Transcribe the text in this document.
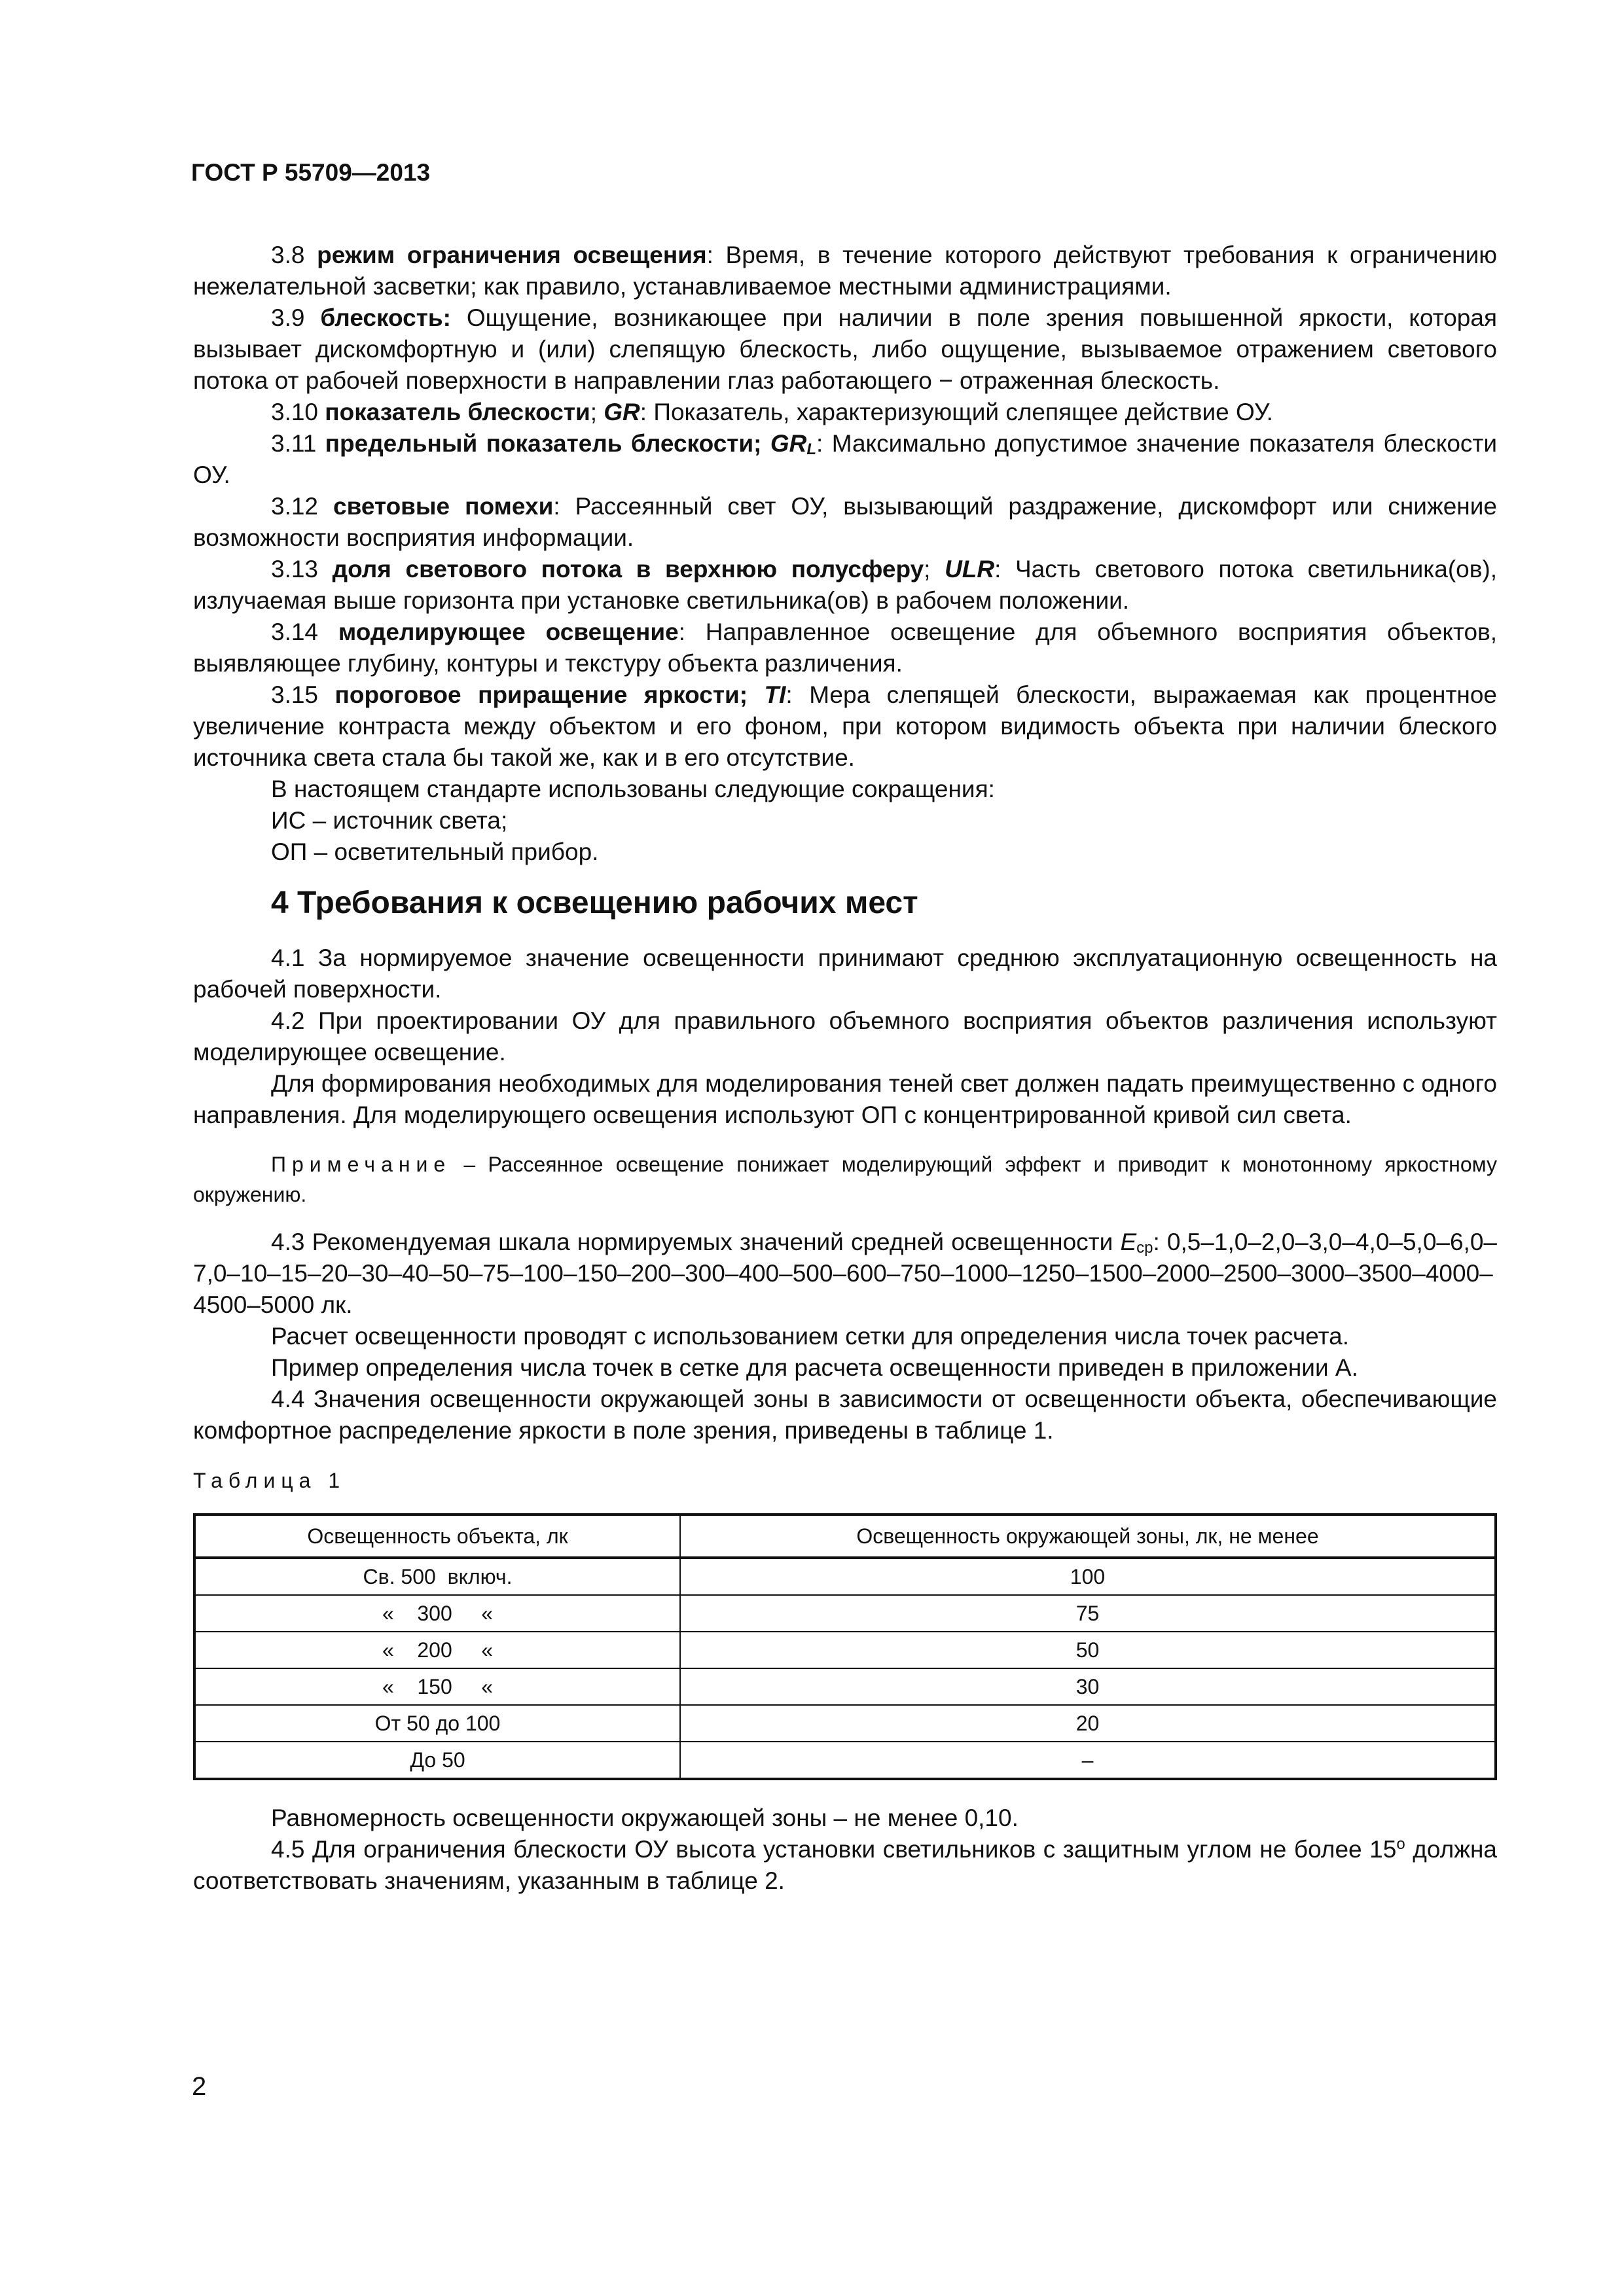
ГОСТ Р 55709—2013

3.8 режим ограничения освещения: Время, в течение которого действуют требования к ограничению нежелательной засветки; как правило, устанавливаемое местными администрациями.

3.9 блескость: Ощущение, возникающее при наличии в поле зрения повышенной яркости, которая вызывает дискомфортную и (или) слепящую блескость, либо ощущение, вызываемое отражением светового потока от рабочей поверхности в направлении глаз работающего − отраженная блескость.

3.10 показатель блескости; GR: Показатель, характеризующий слепящее действие ОУ.

3.11 предельный показатель блескости; $GR_L$: Максимально допустимое значение показателя блескости ОУ.

3.12 световые помехи: Рассеянный свет ОУ, вызывающий раздражение, дискомфорт или снижение возможности восприятия информации.

3.13 доля светового потока в верхнюю полусферу; ULR: Часть светового потока светильника(ов), излучаемая выше горизонта при установке светильника(ов) в рабочем положении.

3.14 моделирующее освещение: Направленное освещение для объемного восприятия объектов, выявляющее глубину, контуры и текстуру объекта различения.

3.15 пороговое приращение яркости; TI: Мера слепящей блескости, выражаемая как процентное увеличение контраста между объектом и его фоном, при котором видимость объекта при наличии блеского источника света стала бы такой же, как и в его отсутствие.

В настоящем стандарте использованы следующие сокращения:

ИС – источник света;

ОП – осветительный прибор.

4 Требования к освещению рабочих мест

4.1 За нормируемое значение освещенности принимают среднюю эксплуатационную освещенность на рабочей поверхности.

4.2 При проектировании ОУ для правильного объемного восприятия объектов различения используют моделирующее освещение.

Для формирования необходимых для моделирования теней свет должен падать преимущественно с одного направления. Для моделирующего освещения используют ОП с концентрированной кривой сил света.

Примечание – Рассеянное освещение понижает моделирующий эффект и приводит к монотонному яркостному окружению.

4.3 Рекомендуемая шкала нормируемых значений средней освещенности $E_{ср}$: 0,5–1,0–2,0–3,0–4,0–5,0–6,0–7,0–10–15–20–30–40–50–75–100–150–200–300–400–500–600–750–1000–1250–1500–2000–2500–3000–3500–4000–4500–5000 лк.

Расчет освещенности проводят с использованием сетки для определения числа точек расчета.

Пример определения числа точек в сетке для расчета освещенности приведен в приложении А.

4.4 Значения освещенности окружающей зоны в зависимости от освещенности объекта, обеспечивающие комфортное распределение яркости в поле зрения, приведены в таблице 1.

Таблица 1
Освещенность объекта, лк	Освещенность окружающей зоны, лк, не менее
Св. 500  включ.	100
«    300     «	75
«    200     «	50
«    150     «	30
От 50 до 100	20
До 50	–

Равномерность освещенности окружающей зоны – не менее 0,10.

4.5 Для ограничения блескости ОУ высота установки светильников с защитным углом не более $15^о$ должна соответствовать значениям, указанным в таблице 2.

2
